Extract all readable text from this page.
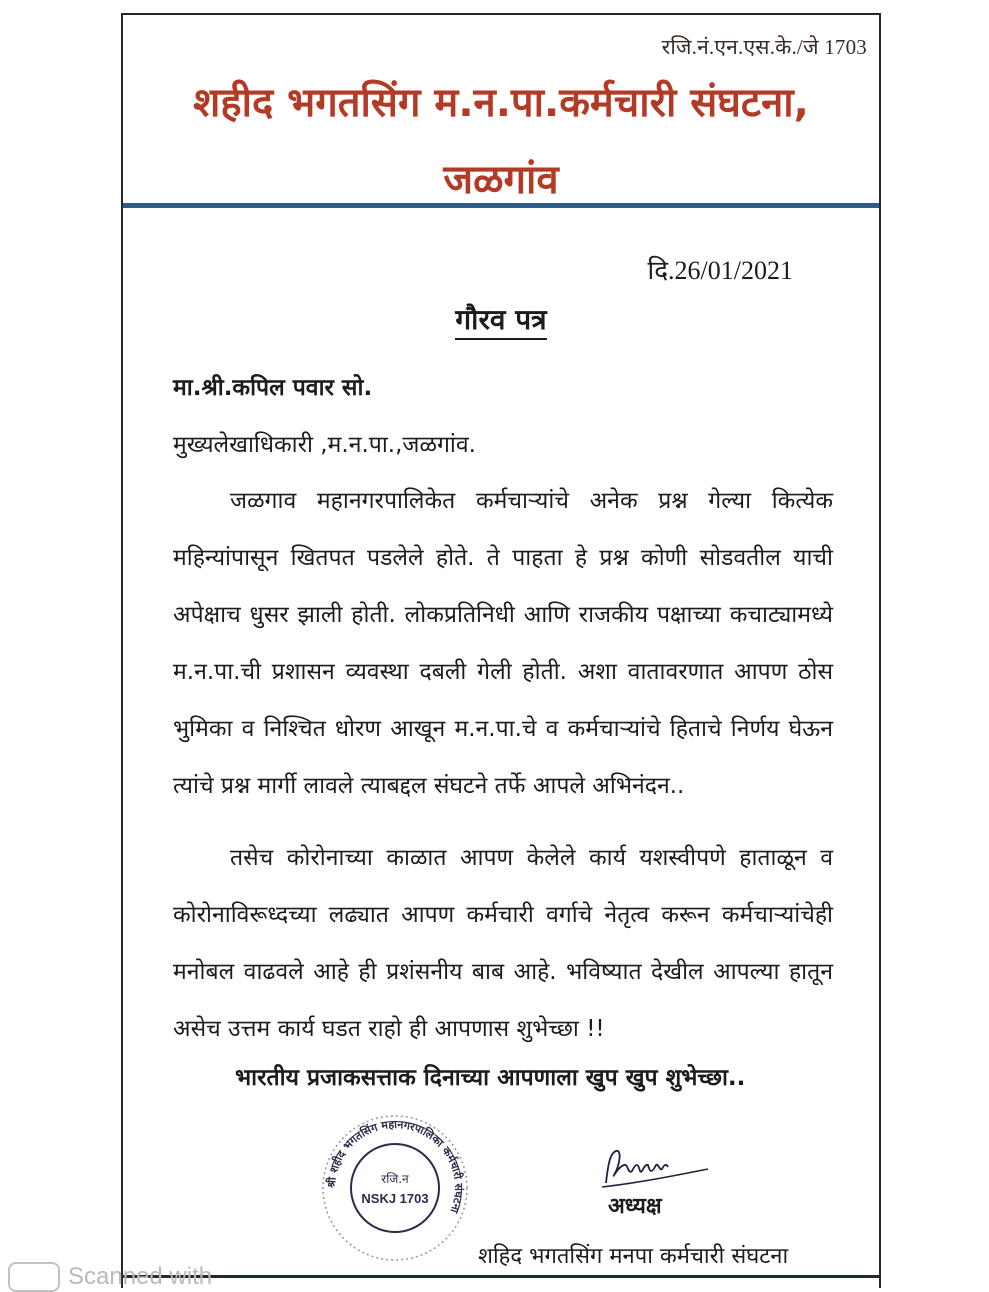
रजि.नं.एन.एस.के./जे 1703
शहीद भगतसिंग म.न.पा.कर्मचारी संघटना,
जळगांव
दि.26/01/2021
गौरव पत्र
मा.श्री.कपिल पवार सो.
मुख्यलेखाधिकारी ,म.न.पा.,जळगांव.

जळगाव महानगरपालिकेत कर्मचाऱ्यांचे अनेक प्रश्न गेल्या कित्येक महिन्यांपासून खितपत पडलेले होते. ते पाहता हे प्रश्न कोणी सोडवतील याची अपेक्षाच धुसर झाली होती. लोकप्रतिनिधी आणि राजकीय पक्षाच्या कचाट्यामध्ये म.न.पा.ची प्रशासन व्यवस्था दबली गेली होती. अशा वातावरणात आपण ठोस भुमिका व निश्चित धोरण आखून म.न.पा.चे व कर्मचाऱ्यांचे हिताचे निर्णय घेऊन त्यांचे प्रश्न मार्गी लावले त्याबद्दल संघटने तर्फे आपले अभिनंदन..

तसेच कोरोनाच्या काळात आपण केलेले कार्य यशस्वीपणे हाताळून व कोरोनाविरूध्दच्या लढ्यात आपण कर्मचारी वर्गाचे नेतृत्व करून कर्मचाऱ्यांचेही मनोबल वाढवले आहे ही प्रशंसनीय बाब आहे. भविष्यात देखील आपल्या हातून असेच उत्तम कार्य घडत राहो ही आपणास शुभेच्छा !!

भारतीय प्रजाकसत्ताक दिनाच्या आपणाला खुप खुप शुभेच्छा..
श्री शहीद भगतसिंग महानगरपालिका कर्मचारी संघटना
रजि.न
NSKJ 1703	अध्यक्ष
शहिद भगतसिंग मनपा कर्मचारी संघटना
Scanned with
